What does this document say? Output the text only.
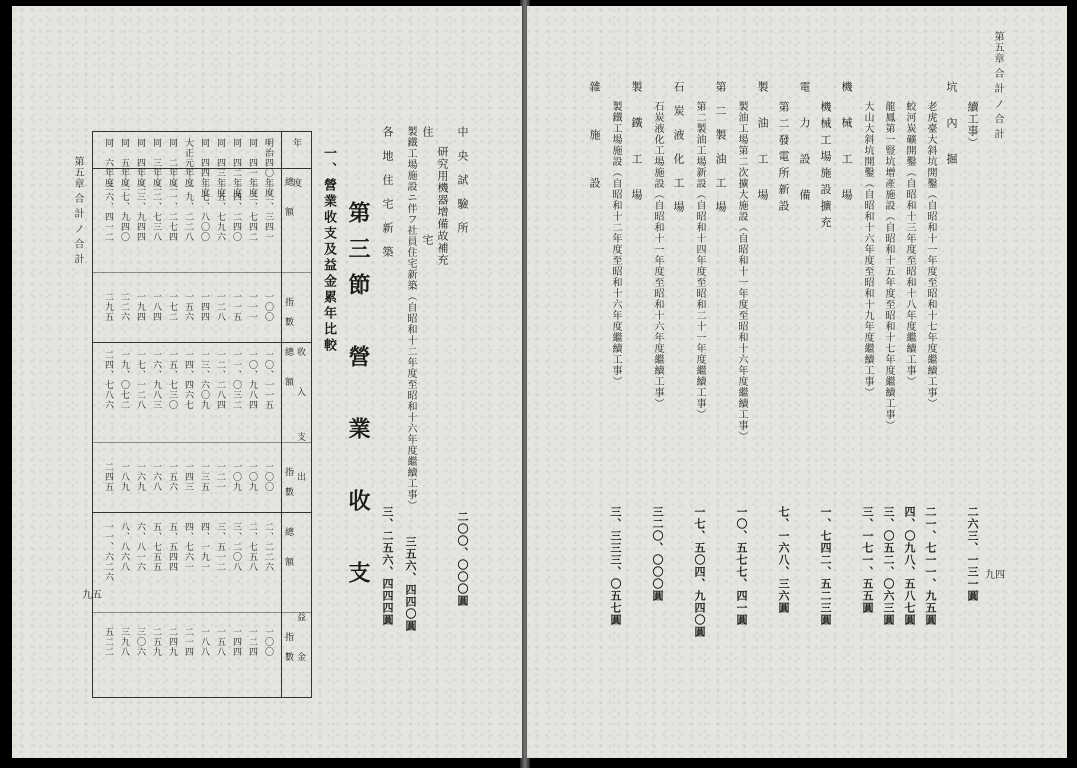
第五章 合 計 ノ 合 計
九五	第三節　營　業　收　支
一、營業收支及益金累年比較	中　央　試　驗　所
二〇〇、〇〇〇圓
研究用機器增備故補充
住　　　　　　　　宅
製鐵工場施設ニ伴フ社員住宅新築（自昭和十二年度至昭和十六年度繼續工事）
三五六、四四〇圓
各　地　住　宅　新　築
三、二五六、四四四圓
年　　　度
收　　　入
支　　　出
益　　　金
總　　額
指　數
總　　額
指　數
總　　額
指　數
明治四〇年度
一二、三四一
一〇〇
一〇、一一五
一〇〇
二、二二六
一〇〇
同　四一年度
一三、七四二
一一一
一〇、九八四
一〇九
二、七五八
一二四
同　四二年度
一四、二四〇
一一五
一一、〇三二
一〇九
三、二〇八
一四四
同　四三年度
一五、七九六
一二八
一二、二八四
一二一
三、五一二
一五八
同　四四年度
一七、八〇〇
一四四
一三、六〇九
一三五
四、一九一
一八八
大正元年度
一九、二二八
一五六
一四、四六七
一四三
四、七六一
二一四
同　二年度
二一、二七四
一七二
一五、七三〇
一五六
五、五四四
二四九
同　三年度
二二、七三八
一八四
一六、九八三
一六八
五、七五五
二五九
同　四年度
二三、九四四
一九四
一七、一二八
一六九
六、八一六
三〇六
同　五年度
二七、九四〇
二二六
一九、〇七二
一八九
八、八六八
三九八
同　六年度
三六、四一二
二九五
二四、七八六
二四五
一一、六二六
五二二
第五章 合 計 ノ 合 計
九四
續工事）
二六三、一三一圓
坑　　內　　掘
老虎臺大斜坑開鑿（自昭和十一年度至昭和十七年度繼續工事）
二一、七一一、九五圓
蛟河炭礦開鑿（自昭和十三年度至昭和十八年度繼續工事）
四、〇九八、五八七圓
龍鳳第一豎坑增產施設（自昭和十五年度至昭和十七年度繼續工事）
三、〇五二、〇六三圓
大山大斜坑開鑿（自昭和十六年度至昭和十九年度繼續工事）
三、一七一、五五圓
機　　械　　工　　場
機 械 工 場 施 設 擴 充
一、七四二、五二三圓
電　　力　　設　　備
第 二 發 電 所 新 設
七、一六八、三六圓
製　　油　　工　　場
製油工場第二次擴大施設（自昭和十一年度至昭和十六年度繼續工事）
一〇、五七七、四一圓
第　二　製　油　工　場
第二製油工場新設（自昭和十四年度至昭和二十一年度繼續工事）
一七、五〇四、九四〇圓
石　炭　液　化　工　場
石炭液化工場施設（自昭和十一年度至昭和十六年度繼續工事）
三二〇、〇〇〇圓
製　　鐵　　工　　場
製鐵工場施設（自昭和十二年度至昭和十六年度繼續工事）
三、三三三、〇五七圓
雜　　　施　　　設
